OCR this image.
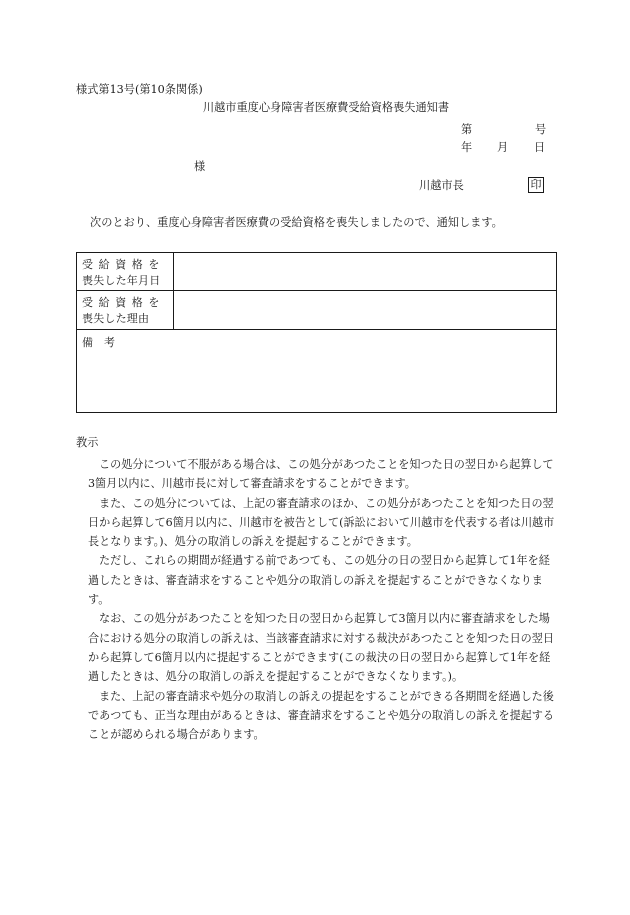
様式第13号(第10条関係)
川越市重度心身障害者医療費受給資格喪失通知書
第	号
年 月 日
様
川越市長	印
次のとおり、重度心身障害者医療費の受給資格を喪失しましたので、通知します。
受給資格を
喪失した年月日
受給資格を
喪失した理由
備　考
教示

この処分について不服がある場合は、この処分があつたことを知つた日の翌日から起算して3箇月以内に、川越市長に対して審査請求をすることができます。

また、この処分については、上記の審査請求のほか、この処分があつたことを知つた日の翌日から起算して6箇月以内に、川越市を被告として(訴訟において川越市を代表する者は川越市長となります。)、処分の取消しの訴えを提起することができます。

ただし、これらの期間が経過する前であつても、この処分の日の翌日から起算して1年を経過したときは、審査請求をすることや処分の取消しの訴えを提起することができなくなります。

なお、この処分があつたことを知つた日の翌日から起算して3箇月以内に審査請求をした場合における処分の取消しの訴えは、当該審査請求に対する裁決があつたことを知つた日の翌日から起算して6箇月以内に提起することができます(この裁決の日の翌日から起算して1年を経過したときは、処分の取消しの訴えを提起することができなくなります。)。

また、上記の審査請求や処分の取消しの訴えの提起をすることができる各期間を経過した後であつても、正当な理由があるときは、審査請求をすることや処分の取消しの訴えを提起することが認められる場合があります。
